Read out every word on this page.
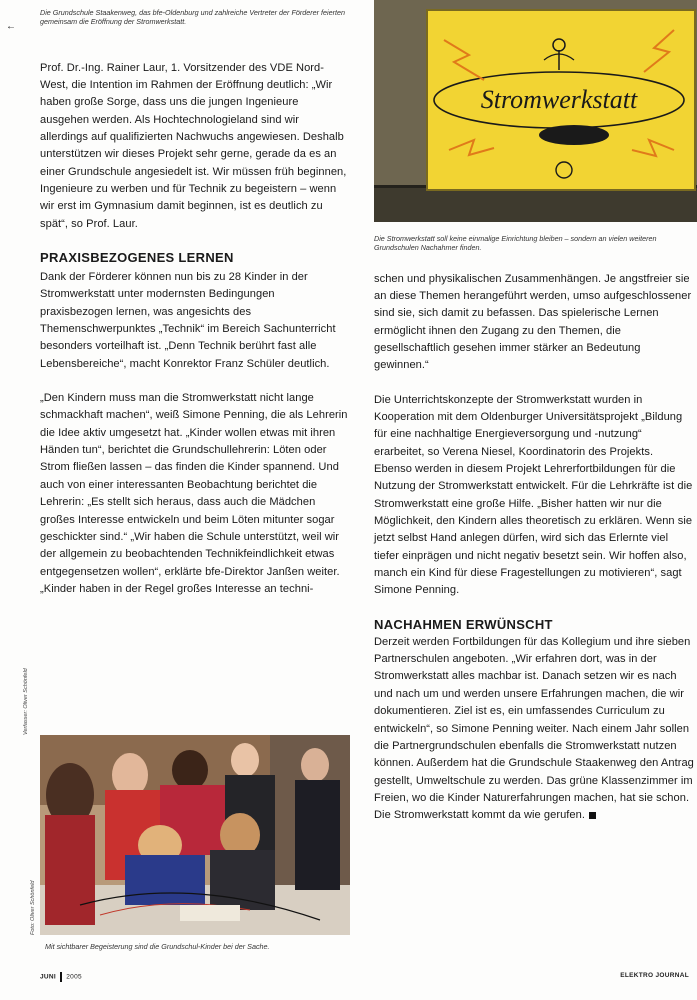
←
Die Grundschule Staakenweg, das bfe-Oldenburg und zahlreiche Vertreter der Förderer feierten gemeinsam die Eröffnung der Stromwerkstatt.

Prof. Dr.-Ing. Rainer Laur, 1. Vorsitzender des VDE Nord-West, die Intention im Rahmen der Eröffnung deutlich: „Wir haben große Sorge, dass uns die jungen Ingenieure ausgehen werden. Als Hochtechnologieland sind wir allerdings auf qualifizierten Nachwuchs angewiesen. Deshalb unterstützen wir dieses Projekt sehr gerne, gerade da es an einer Grundschule angesiedelt ist. Wir müssen früh beginnen, Ingenieure zu werben und für Technik zu begeistern – wenn wir erst im Gymnasium damit beginnen, ist es deutlich zu spät“, so Prof. Laur.

PRAXISBEZOGENES LERNEN

Dank der Förderer können nun bis zu 28 Kinder in der Stromwerkstatt unter modernsten Bedingungen praxisbezogen lernen, was angesichts des Themenschwerpunktes „Technik“ im Bereich Sachunterricht besonders vorteilhaft ist. „Denn Technik berührt fast alle Lebensbereiche“, macht Konrektor Franz Schüler deutlich.

„Den Kindern muss man die Stromwerkstatt nicht lange schmackhaft machen“, weiß Simone Penning, die als Lehrerin die Idee aktiv umgesetzt hat. „Kinder wollen etwas mit ihren Händen tun“, berichtet die Grundschullehrerin: Löten oder Strom fließen lassen – das finden die Kinder spannend. Und auch von einer interessanten Beobachtung berichtet die Lehrerin: „Es stellt sich heraus, dass auch die Mädchen großes Interesse entwickeln und beim Löten mitunter sogar geschickter sind.“ „Wir haben die Schule unterstützt, weil wir der allgemein zu beobachtenden Technikfeindlichkeit etwas entgegensetzen wollen“, erklärte bfe-Direktor Janßen weiter. „Kinder haben in der Regel großes Interesse an techni-

Verfasser: Oliver Schönfeld
Foto: Oliver Schönfeld
Mit sichtbarer Begeisterung sind die Grundschul-Kinder bei der Sache.
Stromwerkstatt
Die Stromwerkstatt soll keine einmalige Einrichtung bleiben – sondern an vielen weiteren Grundschulen Nachahmer finden.

schen und physikalischen Zusammenhängen. Je angstfreier sie an diese Themen herangeführt werden, umso aufgeschlossener sind sie, sich damit zu befassen. Das spielerische Lernen ermöglicht ihnen den Zugang zu den Themen, die gesellschaftlich gesehen immer stärker an Bedeutung gewinnen.“

Die Unterrichtskonzepte der Stromwerkstatt wurden in Kooperation mit dem Oldenburger Universitätsprojekt „Bildung für eine nachhaltige Energieversorgung und -nutzung“ erarbeitet, so Verena Niesel, Koordinatorin des Projekts. Ebenso werden in diesem Projekt Lehrerfortbildungen für die Nutzung der Stromwerkstatt entwickelt. Für die Lehrkräfte ist die Stromwerkstatt eine große Hilfe. „Bisher hatten wir nur die Möglichkeit, den Kindern alles theoretisch zu erklären. Wenn sie jetzt selbst Hand anlegen dürfen, wird sich das Erlernte viel tiefer einprägen und nicht negativ besetzt sein. Wir hoffen also, manch ein Kind für diese Fragestellungen zu motivieren“, sagt Simone Penning.

NACHAHMEN ERWÜNSCHT

Derzeit werden Fortbildungen für das Kollegium und ihre sieben Partnerschulen angeboten. „Wir erfahren dort, was in der Stromwerkstatt alles machbar ist. Danach setzen wir es nach und nach um und werden unsere Erfahrungen machen, die wir dokumentieren. Ziel ist es, ein umfassendes Curriculum zu entwickeln“, so Simone Penning weiter. Nach einem Jahr sollen die Partnergrundschulen ebenfalls die Stromwerkstatt nutzen können. Außerdem hat die Grundschule Staakenweg den Antrag gestellt, Umweltschule zu werden. Das grüne Klassenzimmer im Freien, wo die Kinder Naturerfahrungen machen, hat sie schon. Die Stromwerkstatt kommt da wie gerufen.

JUNI 2005	ELEKTRO JOURNAL
